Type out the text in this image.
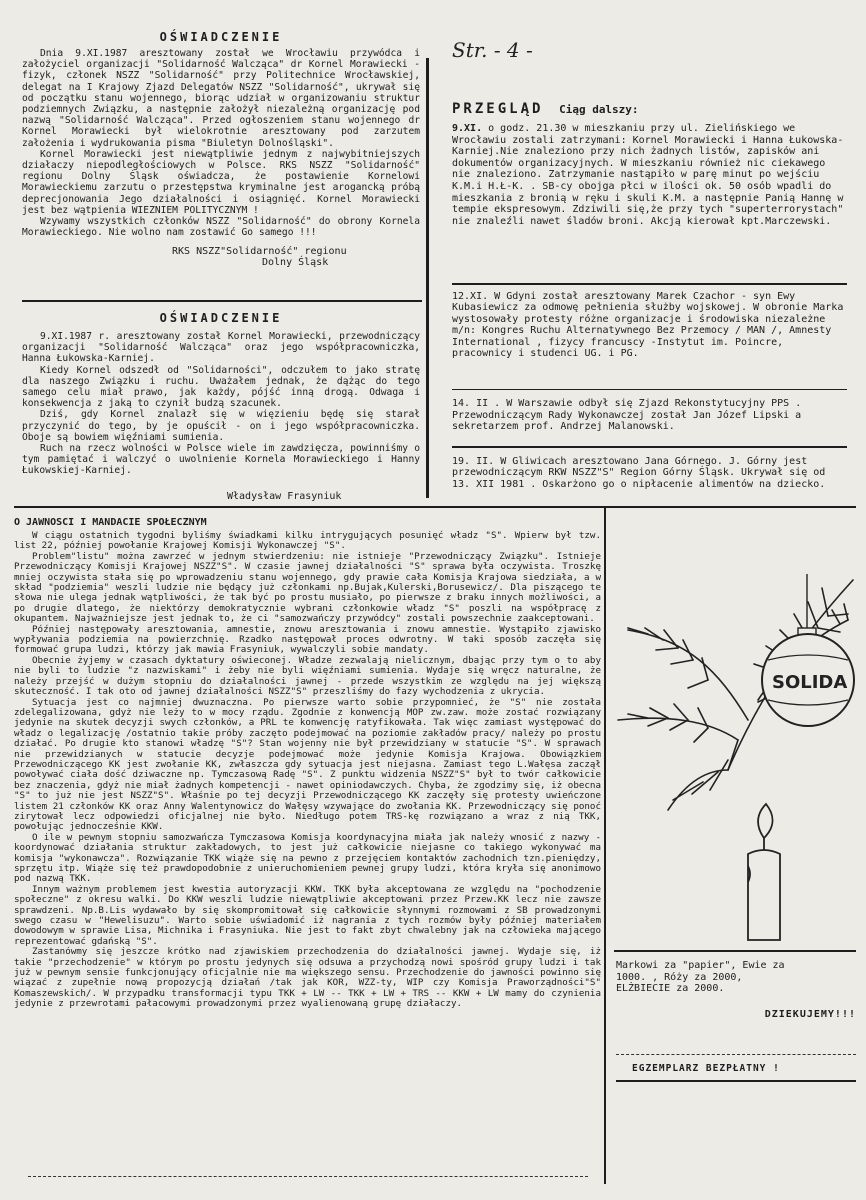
Str. - 4 -
OŚWIADCZENIE

Dnia 9.XI.1987 aresztowany został we Wrocławiu przywódca i założyciel organizacji "Solidarność Walcząca" dr Kornel Morawiecki - fizyk, członek NSZZ "Solidarność" przy Politechnice Wrocławskiej, delegat na I Krajowy Zjazd Delegatów NSZZ "Solidarność", ukrywał się od początku stanu wojennego, biorąc udział w organizowaniu struktur podziemnych Związku, a następnie założył niezależną organizację pod nazwą "Solidarność Walcząca". Przed ogłoszeniem stanu wojennego dr Kornel Morawiecki był wielokrotnie aresztowany pod zarzutem założenia i wydrukowania pisma "Biuletyn Dolnośląski".

Kornel Morawiecki jest niewątpliwie jednym z najwybitniejszych działaczy niepodległościowych w Polsce. RKS NSZZ "Solidarność" regionu Dolny Śląsk oświadcza, że postawienie Kornelowi Morawieckiemu zarzutu o przestępstwa kryminalne jest arogancką próbą deprecjonowania Jego działalności i osiągnięć. Kornel Morawiecki jest bez wątpienia WIEZNIEM POLITYCZNYM !

Wzywamy wszystkich członków NSZZ "Solidarność" do obrony Kornela Morawieckiego. Nie wolno nam zostawić Go samego !!!

RKS NSZZ"Solidarność" regionu
Dolny Śląsk
OŚWIADCZENIE

9.XI.1987 r. aresztowany został Kornel Morawiecki, przewodniczący organizacji "Solidarność Walcząca" oraz jego współpracowniczka, Hanna Łukowska-Karniej.

Kiedy Kornel odszedł od "Solidarności", odczułem to jako stratę dla naszego Związku i ruchu. Uważałem jednak, że dążąc do tego samego celu miał prawo, jak każdy, pójść inną drogą. Odwaga i konsekwencja z jaką to czynił budzą szacunek.

Dziś, gdy Kornel znalazł się w więzieniu będę się starał przyczynić do tego, by je opuścił - on i jego współpracowniczka. Oboje są bowiem więźniami sumienia.

Ruch na rzecz wolności w Polsce wiele im zawdzięcza, powinniśmy o tym pamiętać i walczyć o uwolnienie Kornela Morawieckiego i Hanny Łukowskiej-Karniej.

Władysław Frasyniuk
PRZEGLĄD Ciąg dalszy:

9.XI. o godz. 21.30 w mieszkaniu przy ul. Zielińskiego we Wrocławiu zostali zatrzymani: Kornel Morawiecki i Hanna Łukowska-Karniej.Nie znaleziono przy nich żadnych listów, zapisków ani dokumentów organizacyjnych. W mieszkaniu również nic ciekawego nie znaleziono. Zatrzymanie nastąpiło w parę minut po wejściu K.M.i H.Ł-K. . SB-cy obojga płci w ilości ok. 50 osób wpadli do mieszkania z bronią w ręku i skuli K.M. a następnie Panią Hannę w tempie ekspresowym. Zdziwili się,że przy tych "superterrorystach" nie znaleźli nawet śladów broni. Akcją kierował kpt.Marczewski.

12.XI. W Gdyni został aresztowany Marek Czachor - syn Ewy Kubasiewicz za odmowę pełnienia służby wojskowej. W obronie Marka wystosowały protesty różne organizacje i środowiska niezależne m/n: Kongres Ruchu Alternatywnego Bez Przemocy / MAN /, Amnesty International , fizycy francuscy -Instytut im. Poincre, pracownicy i studenci UG. i PG.

14. II . W Warszawie odbył się Zjazd Rekonstytucyjny PPS . Przewodniczącym Rady Wykonawczej został Jan Józef Lipski a sekretarzem prof. Andrzej Malanowski.

19. II. W Gliwicach aresztowano Jana Górnego. J. Górny jest przewodniczącym RKW NSZZ"S" Region Górny Śląsk. Ukrywał się od 13. XII 1981 . Oskarżono go o nipłacenie alimentów na dziecko.

O JAWNOŚCI I MANDACIE SPOŁECZNYM

W ciągu ostatnich tygodni byliśmy świadkami kilku intrygujących posunięć władz "S". Wpierw był tzw. list 22, później powołanie Krajowej Komisji Wykonawczej "S".

Problem"listu" można zawrzeć w jednym stwierdzeniu: nie istnieje "Przewodniczący Związku". Istnieje Przewodniczący Komisji Krajowej NSZZ"S". W czasie jawnej działalności "S" sprawa była oczywista. Troszkę mniej oczywista stała się po wprowadzeniu stanu wojennego, gdy prawie cała Komisja Krajowa siedziała, a w skład "podziemia" weszli ludzie nie będący już członkami np.Bujak,Kulerski,Borusewicz/. Dla piszącego te słowa nie ulega jednak wątpliwości, że tak być po prostu musiało, po pierwsze z braku innych możliwości, a po drugie dlatego, że niektórzy demokratycznie wybrani członkowie władz "S" poszli na współpracę z okupantem. Najważniejsze jest jednak to, że ci "samozwańczy przywódcy" zostali powszechnie zaakceptowani.

Później następowały aresztowania, amnestie, znowu aresztowania i znowu amnestie. Wystąpiło zjawisko wypływania podziemia na powierzchnię. Rzadko następował proces odwrotny. W taki sposób zaczęła się formować grupa ludzi, którzy jak mawia Frasyniuk, wywalczyli sobie mandaty.

Obecnie żyjemy w czasach dyktatury oświeconej. Władze zezwalają nielicznym, dbając przy tym o to aby nie byli to ludzie "z nazwiskami" i żeby nie byli więźniami sumienia. Wydaje się wręcz naturalne, że należy przejść w dużym stopniu do działalności jawnej - przede wszystkim ze względu na jej większą skuteczność. I tak oto od jawnej działalności NSZZ"S" przeszliśmy do fazy wychodzenia z ukrycia.

Sytuacja jest co najmniej dwuznaczna. Po pierwsze warto sobie przypomnieć, że "S" nie została zdelegalizowana, gdyż nie leży to w mocy rządu. Zgodnie z konwencją MOP zw.zaw. może zostać rozwiązany jedynie na skutek decyzji swych członków, a PRL te konwencję ratyfikowała. Tak więc zamiast występować do władz o legalizację /ostatnio takie próby zaczęto podejmować na poziomie zakładów pracy/ należy po prostu działać. Po drugie kto stanowi władzę "S"? Stan wojenny nie był przewidziany w statucie "S". W sprawach nie przewidzianych w statucie decyzje podejmować może jedynie Komisja Krajowa. Obowiązkiem Przewodniczącego KK jest zwołanie KK, zwłaszcza gdy sytuacja jest niejasna. Zamiast tego L.Wałęsa zaczął powoływać ciała dość dziwaczne np. Tymczasową Radę "S". Z punktu widzenia NSZZ"S" był to twór całkowicie bez znaczenia, gdyż nie miał żadnych kompetencji - nawet opiniodawczych. Chyba, że zgodzimy się, iż obecna "S" to już nie jest NSZZ"S". Właśnie po tej decyzji Przewodniczącego KK zaczęły się protesty uwieńczone listem 21 członków KK oraz Anny Walentynowicz do Wałęsy wzywające do zwołania KK. Przewodniczący się ponoć zirytował lecz odpowiedzi oficjalnej nie było. Niedługo potem TRS-kę rozwiązano a wraz z nią TKK, powołując jednocześnie KKW.

O ile w pewnym stopniu samozwańcza Tymczasowa Komisja koordynacyjna miała jak należy wnosić z nazwy - koordynować działania struktur zakładowych, to jest już całkowicie niejasne co takiego wykonywać ma komisja "wykonawcza". Rozwiązanie TKK wiąże się na pewno z przejęciem kontaktów zachodnich tzn.pieniędzy, sprzętu itp. Wiąże się też prawdopodobnie z unieruchomieniem pewnej grupy ludzi, która kryła się anonimowo pod nazwą TKK.

Innym ważnym problemem jest kwestia autoryzacji KKW. TKK była akceptowana ze względu na "pochodzenie społeczne" z okresu walki. Do KKW weszli ludzie niewątpliwie akceptowani przez Przew.KK lecz nie zawsze sprawdzeni. Np.B.Lis wydawało by się skompromitował się całkowicie słynnymi rozmowami z SB prowadzonymi swego czasu w "Hewelisuzu". Warto sobie uświadomić iż nagrania z tych rozmów były później materiałem dowodowym w sprawie Lisa, Michnika i Frasyniuka. Nie jest to fakt zbyt chwalebny jak na człowieka mającego reprezentować gdańską "S".

Zastanówmy się jeszcze krótko nad zjawiskiem przechodzenia do działalności jawnej. Wydaje się, iż takie "przechodzenie" w którym po prostu jedynych się odsuwa a przychodzą nowi spośród grupy ludzi i tak już w pewnym sensie funkcjonujący oficjalnie nie ma większego sensu. Przechodzenie do jawności powinno się wiązać z zupełnie nową propozycją działań /tak jak KOR, WZZ-ty, WIP czy Komisja Praworządności"S" Komaszewskich/. W przypadku transformacji typu TKK + LW -- TKK + LW + TRS -- KKW + LW mamy do czynienia jedynie z przewrotami pałacowymi prowadzonymi przez wyalienowaną grupę działaczy.

SOLIDA
Markowi za "papier", Ewie za
1000. , Róży za 2000,
ELŻBIECIE za 2000.
DZIEKUJEMY!!!
EGZEMPLARZ BEZPŁATNY !
